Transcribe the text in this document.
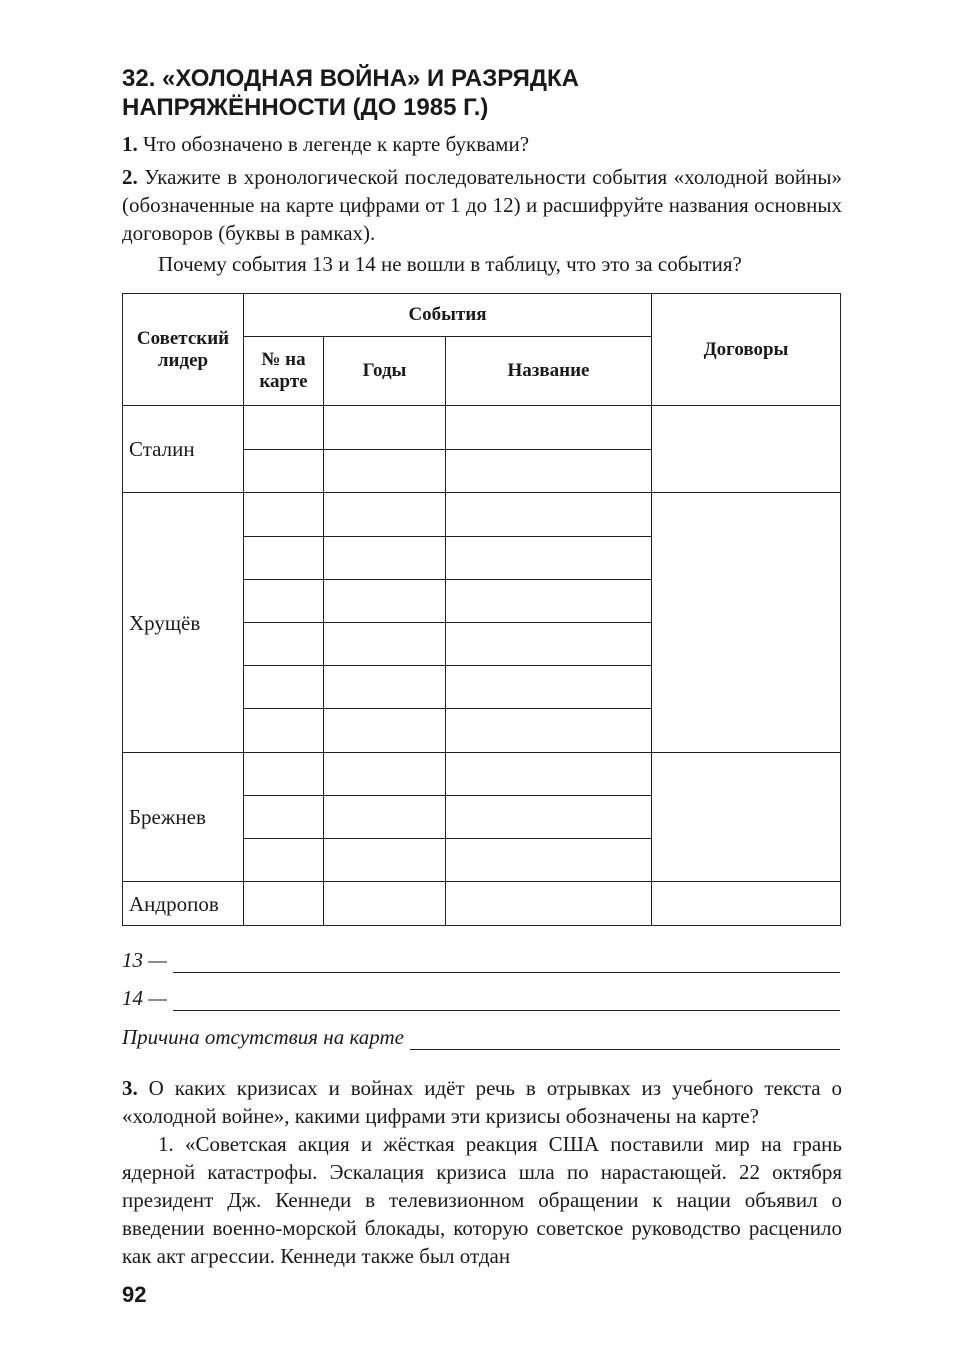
32. «ХОЛОДНАЯ ВОЙНА» И РАЗРЯДКА
НАПРЯЖЁННОСТИ (ДО 1985 Г.)

1. Что обозначено в легенде к карте буквами?

2. Укажите в хронологической последовательности события «холодной войны» (обозначенные на карте цифрами от 1 до 12) и расшифруйте названия основных договоров (буквы в рамках).

Почему события 13 и 14 не вошли в таблицу, что это за события?

Советский лидер	События			Договоры
	№ на карте	Годы	Название	
Сталин				

Хрущёв				

Брежнев				

Андропов				
13 —
14 —
Причина отсутствия на карте

3. О каких кризисах и войнах идёт речь в отрывках из учебного текста о «холодной войне», какими цифрами эти кризисы обозначены на карте?

1. «Советская акция и жёсткая реакция США поставили мир на грань ядерной катастрофы. Эскалация кризиса шла по нарастающей. 22 октября президент Дж. Кеннеди в телевизионном обращении к нации объявил о введении военно-морской блокады, которую советское руководство расценило как акт агрессии. Кеннеди также был отдан

92
